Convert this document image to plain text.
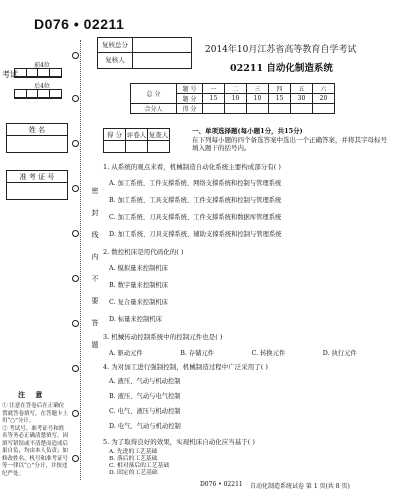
D076 • 02211
考试
前4位
后4位
姓 名
准 考 证 号
注 意
① 注意在答卷后在正确位置就答卷填写，在答题卡上用“○”分计。
② 考试号、准考证号和姓名等务必正确清楚填写。因填写错误或不清楚而造成后果自负，均由本人负责；如修改姓名、机号和准考证号等一律以“○”分计，并按违纪严处。
密
封
线
内
不
要
答
题
复核总分
复核人
2014年10月江苏省高等教育自学考试
02211 自动化制造系统
总 分	题 号	一	二	三	四	五	六
	题 分	15	10	10	15	30	20
合分人	得 分						
得 分	评卷人	复查人
			一、单项选择题(每小题1分，共15分)
在下列每小题的四个备选答案中选出一个正确答案，并将其字母标号填入题干的括号内。
1. 从系统的观点来看，机械制造自动化系统主要构成部分有( )
A. 加工系统、工件支撑系统、网络支撑系统和控制与管理系统
B. 加工系统、工具支撑系统、工件支撑系统和控制与管理系统
C. 加工系统、刀具支撑系统、工件支撑系统和数据库管理系统
D. 加工系统、刀具支撑系统、辅助支撑系统和控制与管理系统
2. 数控机床是用代码化的( )
A. 模拟量来控制机床
B. 数字量来控制机床
C. 复合量来控制机床
D. 标量来控制机床
3. 机械传动控制系统中的控制元件也是( )
A. 驱动元件	B. 存储元件	C. 转换元件	D. 执行元件
4. 为对加工进行强制控制，机械制造过程中广泛采用了( )
A. 液压、气动与机动控制
B. 液压、气动与电气控制
C. 电气、液压与机动控制
D. 电气、气动与机动控制
5. 为了取得良好的效果，实现机床自动化应当基于( )
A. 先进的工艺基础
B. 落后的工艺基础
C. 相对落后的工艺基础
D. 固定的工艺基础
D076 • 02211 自动化制造系统试卷 第 1 页(共 8 页)
